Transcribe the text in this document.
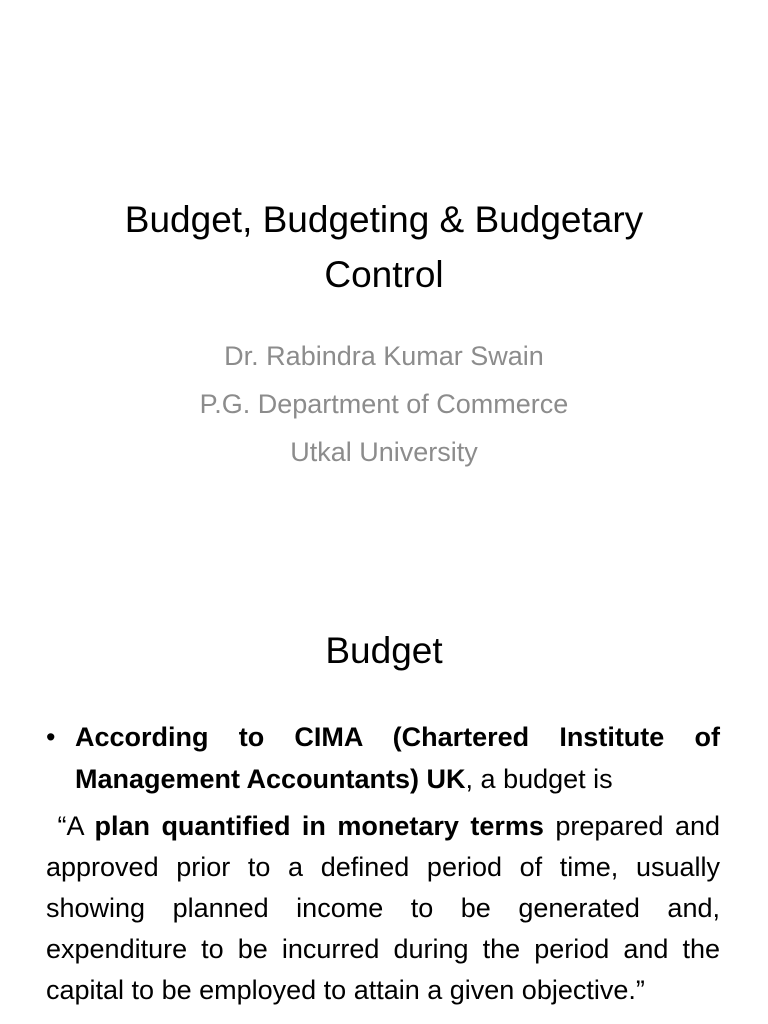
Budget, Budgeting & Budgetary
Control
Dr. Rabindra Kumar Swain
P.G. Department of Commerce
Utkal University
Budget
• According to CIMA (Chartered Institute of Management Accountants) UK, a budget is
“A plan quantified in monetary terms prepared and approved prior to a defined period of time, usually showing planned income to be generated and, expenditure to be incurred during the period and the capital to be employed to attain a given objective.”
